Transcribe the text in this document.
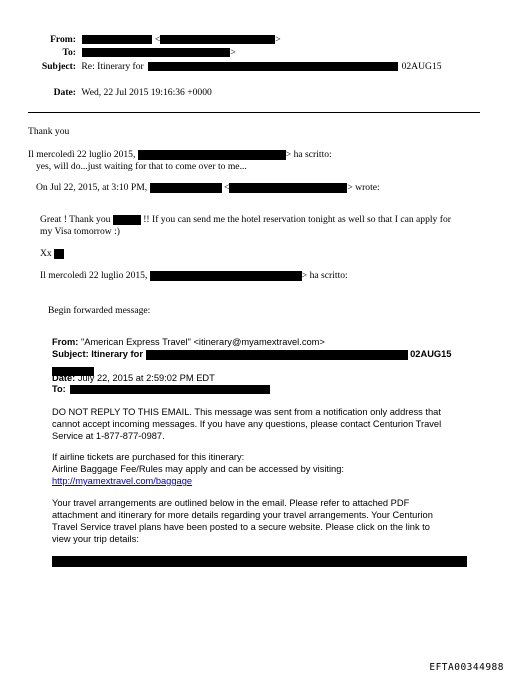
From:	<	>
To:	>
Subject: Re: Itinerary for	02AUG15
Date: Wed, 22 Jul 2015 19:16:36 +0000
Thank you
Il mercoledì 22 luglio 2015,	> ha scritto:
yes, will do...just waiting for that to come over to me...
On Jul 22, 2015, at 3:10 PM,	<	> wrote:
Great ! Thank you	!! If you can send me the hotel reservation tonight as well so that I can apply for
my Visa tomorrow :)
Xx
Il mercoledì 22 luglio 2015,	> ha scritto:
Begin forwarded message:
From: "American Express Travel" <itinerary@myamextravel.com>
Subject: Itinerary for	02AUG15
Date: July 22, 2015 at 2:59:02 PM EDT
To:
DO NOT REPLY TO THIS EMAIL. This message was sent from a notification only address that
cannot accept incoming messages. If you have any questions, please contact Centurion Travel
Service at 1-877-877-0987.
If airline tickets are purchased for this itinerary:
Airline Baggage Fee/Rules may apply and can be accessed by visiting:
http://myamextravel.com/baggage
Your travel arrangements are outlined below in the email. Please refer to attached PDF
attachment and itinerary for more details regarding your travel arrangements. Your Centurion
Travel Service travel plans have been posted to a secure website. Please click on the link to
view your trip details:
EFTA00344988
